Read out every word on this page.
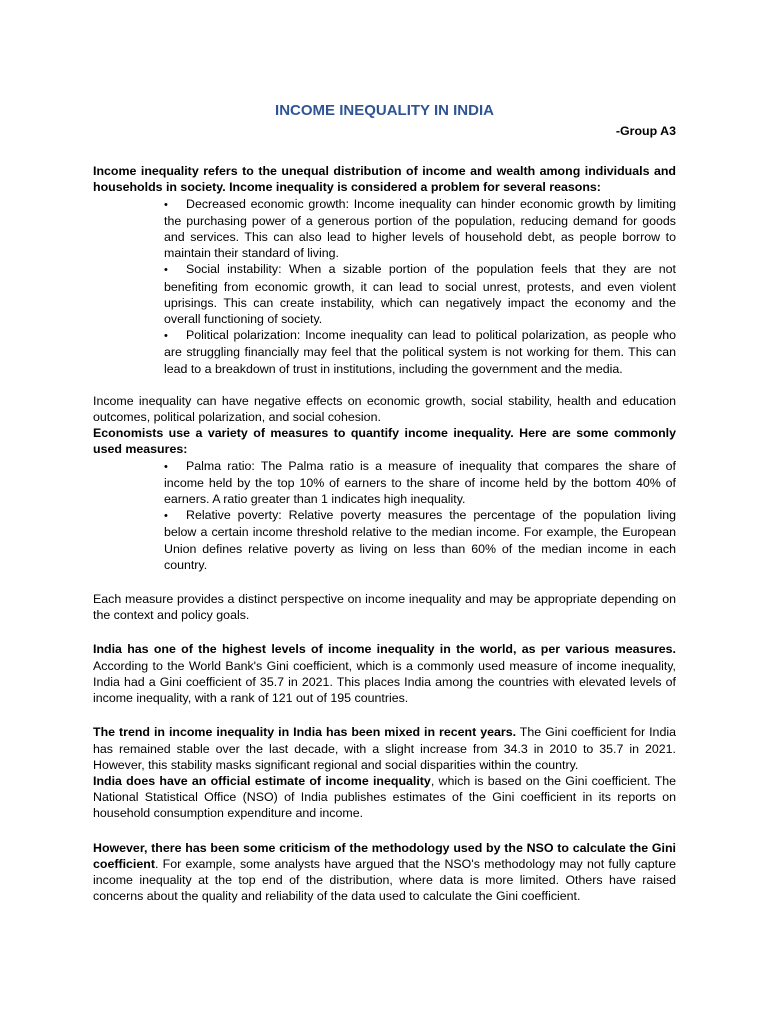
INCOME INEQUALITY IN INDIA
-Group A3

Income inequality refers to the unequal distribution of income and wealth among individuals and households in society. Income inequality is considered a problem for several reasons:

• Decreased economic growth: Income inequality can hinder economic growth by limiting the purchasing power of a generous portion of the population, reducing demand for goods and services. This can also lead to higher levels of household debt, as people borrow to maintain their standard of living.
• Social instability: When a sizable portion of the population feels that they are not benefiting from economic growth, it can lead to social unrest, protests, and even violent uprisings. This can create instability, which can negatively impact the economy and the overall functioning of society.
• Political polarization: Income inequality can lead to political polarization, as people who are struggling financially may feel that the political system is not working for them. This can lead to a breakdown of trust in institutions, including the government and the media.

Income inequality can have negative effects on economic growth, social stability, health and education outcomes, political polarization, and social cohesion.

Economists use a variety of measures to quantify income inequality. Here are some commonly used measures:

• Palma ratio: The Palma ratio is a measure of inequality that compares the share of income held by the top 10% of earners to the share of income held by the bottom 40% of earners. A ratio greater than 1 indicates high inequality.
• Relative poverty: Relative poverty measures the percentage of the population living below a certain income threshold relative to the median income. For example, the European Union defines relative poverty as living on less than 60% of the median income in each country.

Each measure provides a distinct perspective on income inequality and may be appropriate depending on the context and policy goals.

India has one of the highest levels of income inequality in the world, as per various measures. According to the World Bank's Gini coefficient, which is a commonly used measure of income inequality, India had a Gini coefficient of 35.7 in 2021. This places India among the countries with elevated levels of income inequality, with a rank of 121 out of 195 countries.

The trend in income inequality in India has been mixed in recent years. The Gini coefficient for India has remained stable over the last decade, with a slight increase from 34.3 in 2010 to 35.7 in 2021. However, this stability masks significant regional and social disparities within the country.

India does have an official estimate of income inequality, which is based on the Gini coefficient. The National Statistical Office (NSO) of India publishes estimates of the Gini coefficient in its reports on household consumption expenditure and income.

However, there has been some criticism of the methodology used by the NSO to calculate the Gini coefficient. For example, some analysts have argued that the NSO's methodology may not fully capture income inequality at the top end of the distribution, where data is more limited. Others have raised concerns about the quality and reliability of the data used to calculate the Gini coefficient.
